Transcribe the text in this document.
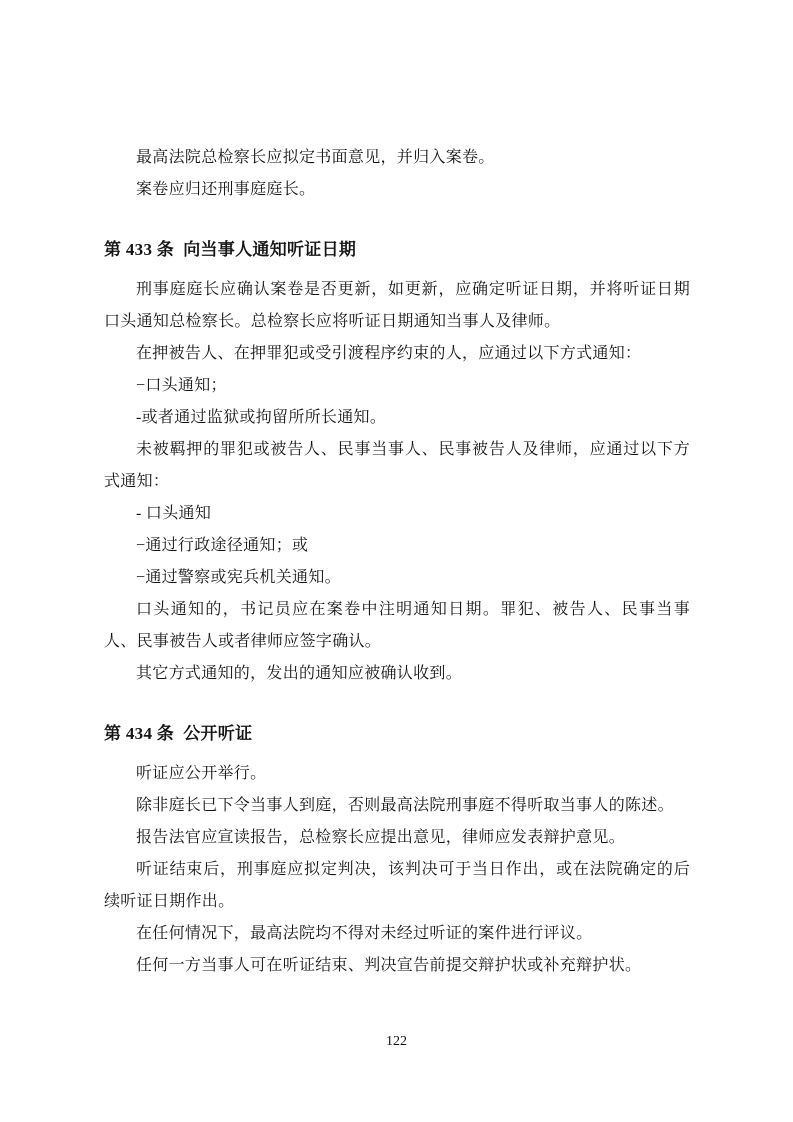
最高法院总检察长应拟定书面意见，并归入案卷。

案卷应归还刑事庭庭长。

第 433 条  向当事人通知听证日期

刑事庭庭长应确认案卷是否更新，如更新，应确定听证日期，并将听证日期口头通知总检察长。总检察长应将听证日期通知当事人及律师。

在押被告人、在押罪犯或受引渡程序约束的人，应通过以下方式通知：

−口头通知；

-或者通过监狱或拘留所所长通知。

未被羁押的罪犯或被告人、民事当事人、民事被告人及律师，应通过以下方式通知：

- 口头通知

−通过行政途径通知；或

−通过警察或宪兵机关通知。

口头通知的，书记员应在案卷中注明通知日期。罪犯、被告人、民事当事人、民事被告人或者律师应签字确认。

其它方式通知的，发出的通知应被确认收到。

第 434 条  公开听证

听证应公开举行。

除非庭长已下令当事人到庭，否则最高法院刑事庭不得听取当事人的陈述。

报告法官应宣读报告，总检察长应提出意见，律师应发表辩护意见。

听证结束后，刑事庭应拟定判决，该判决可于当日作出，或在法院确定的后续听证日期作出。

在任何情况下，最高法院均不得对未经过听证的案件进行评议。

任何一方当事人可在听证结束、判决宣告前提交辩护状或补充辩护状。

122
